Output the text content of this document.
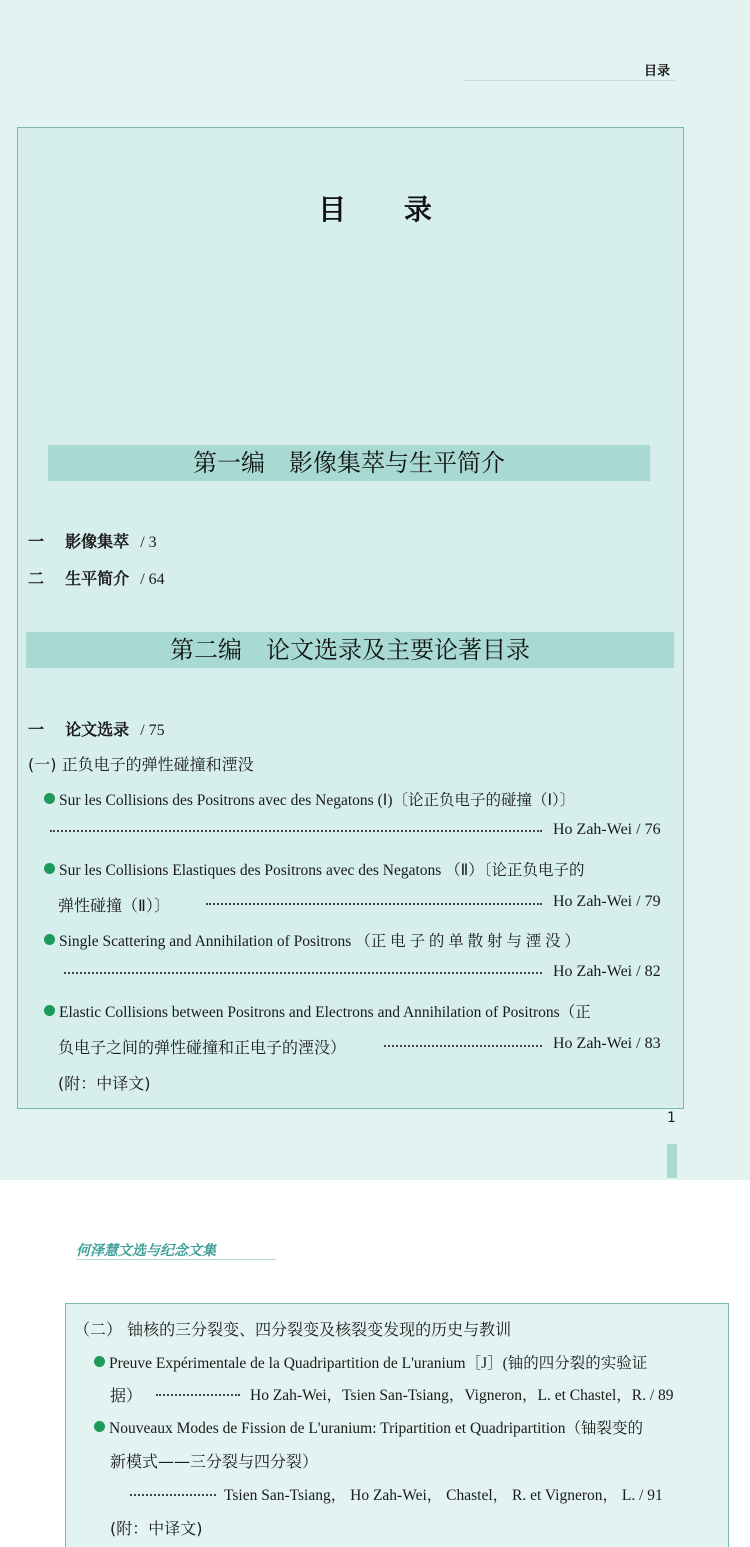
目录
目 录
第一编　影像集萃与生平简介
一 影像集萃 / 3
二 生平简介 / 64
第二编　论文选录及主要论著目录
一 论文选录 / 75
(一) 正负电子的弹性碰撞和湮没
Sur les Collisions des Positrons avec des Negatons (Ⅰ)〔论正负电子的碰撞（Ⅰ）〕
Ho Zah-Wei / 76
Sur les Collisions Elastiques des Positrons avec des Negatons （Ⅱ）〔论正负电子的
弹性碰撞（Ⅱ）〕	Ho Zah-Wei / 79
Single Scattering and Annihilation of Positrons （正 电 子 的 单 散 射 与 湮 没 ）
Ho Zah-Wei / 82
Elastic Collisions between Positrons and Electrons and Annihilation of Positrons（正
负电子之间的弹性碰撞和正电子的湮没）	Ho Zah-Wei / 83
(附：中译文)
1
何泽慧文选与纪念文集
（二） 铀核的三分裂变、四分裂变及核裂变发现的历史与教训
Preuve Expérimentale de la Quadripartition de L'uranium［J］(铀的四分裂的实验证
据）	Ho Zah-Wei，Tsien San-Tsiang，Vigneron，L. et Chastel，R. / 89
Nouveaux Modes de Fission de L'uranium: Tripartition et Quadripartition（铀裂变的
新模式——三分裂与四分裂）
Tsien San-Tsiang， Ho Zah-Wei， Chastel， R. et Vigneron， L. / 91
(附：中译文)
